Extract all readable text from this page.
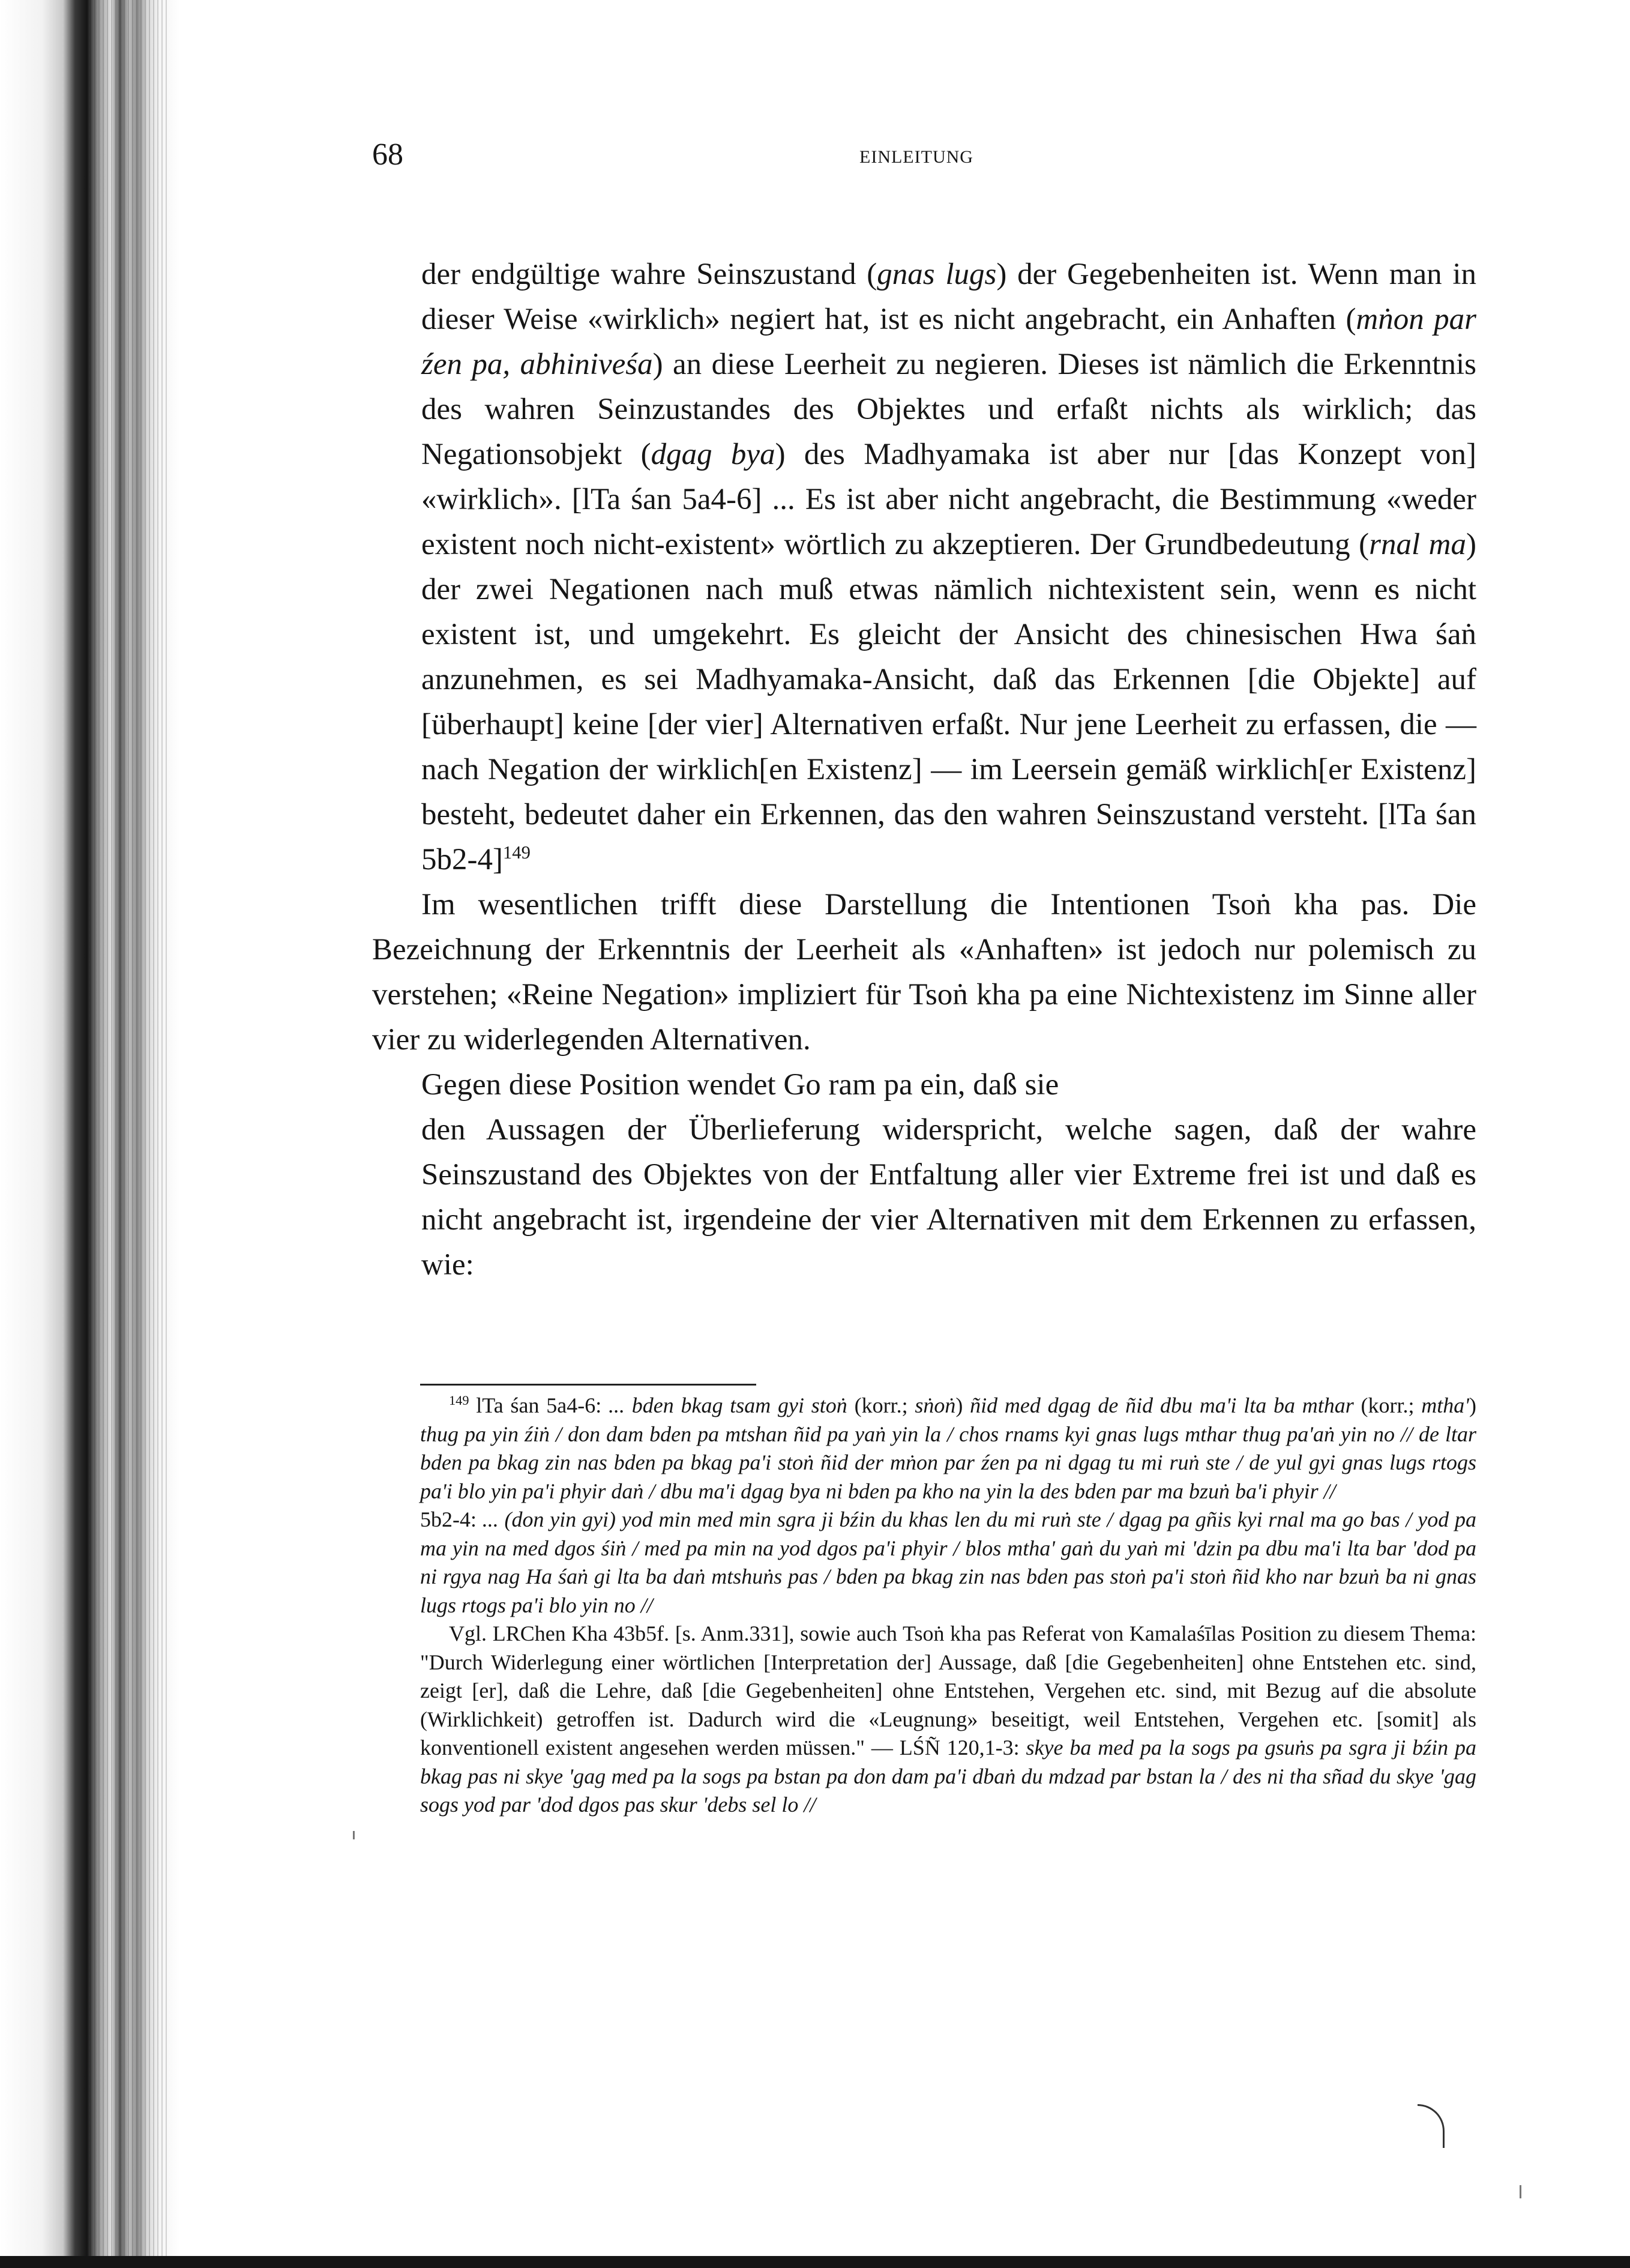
68	EINLEITUNG

der endgültige wahre Seinszustand (gnas lugs) der Gegebenheiten ist. Wenn man in dieser Weise «wirklich» negiert hat, ist es nicht angebracht, ein Anhaften (mṅon par źen pa, abhiniveśa) an diese Leerheit zu negieren. Dieses ist nämlich die Erkenntnis des wahren Seinzustandes des Objektes und erfaßt nichts als wirklich; das Negationsobjekt (dgag bya) des Madhyamaka ist aber nur [das Konzept von] «wirklich». [lTa śan 5a4-6] ... Es ist aber nicht angebracht, die Bestimmung «weder existent noch nicht-existent» wörtlich zu akzeptieren. Der Grundbedeutung (rnal ma) der zwei Negationen nach muß etwas nämlich nichtexistent sein, wenn es nicht existent ist, und umgekehrt. Es gleicht der Ansicht des chinesischen Hwa śaṅ anzunehmen, es sei Madhyamaka-Ansicht, daß das Erkennen [die Objekte] auf [überhaupt] keine [der vier] Alternativen erfaßt. Nur jene Leerheit zu erfassen, die — nach Negation der wirklich[en Existenz] — im Leersein gemäß wirklich[er Existenz] besteht, bedeutet daher ein Erkennen, das den wahren Seinszustand versteht. [lTa śan 5b2-4]$^{149}$

Im wesentlichen trifft diese Darstellung die Intentionen Tsoṅ kha pas. Die Bezeichnung der Erkenntnis der Leerheit als «Anhaften» ist jedoch nur polemisch zu verstehen; «Reine Negation» impliziert für Tsoṅ kha pa eine Nichtexistenz im Sinne aller vier zu widerlegenden Alternativen.

Gegen diese Position wendet Go ram pa ein, daß sie

den Aussagen der Überlieferung widerspricht, welche sagen, daß der wahre Seinszustand des Objektes von der Entfaltung aller vier Extreme frei ist und daß es nicht angebracht ist, irgendeine der vier Alternativen mit dem Erkennen zu erfassen, wie:

$^{149}$ lTa śan 5a4-6: ... bden bkag tsam gyi stoṅ (korr.; sṅoṅ) ñid med dgag de ñid dbu ma'i lta ba mthar (korr.; mtha') thug pa yin źiṅ / don dam bden pa mtshan ñid pa yaṅ yin la / chos rnams kyi gnas lugs mthar thug pa'aṅ yin no // de ltar bden pa bkag zin nas bden pa bkag pa'i stoṅ ñid der mṅon par źen pa ni dgag tu mi ruṅ ste / de yul gyi gnas lugs rtogs pa'i blo yin pa'i phyir daṅ / dbu ma'i dgag bya ni bden pa kho na yin la des bden par ma bzuṅ ba'i phyir //

5b2-4: ... (don yin gyi) yod min med min sgra ji bźin du khas len du mi ruṅ ste / dgag pa gñis kyi rnal ma go bas / yod pa ma yin na med dgos śiṅ / med pa min na yod dgos pa'i phyir / blos mtha' gaṅ du yaṅ mi 'dzin pa dbu ma'i lta bar 'dod pa ni rgya nag Ha śaṅ gi lta ba daṅ mtshuṅs pas / bden pa bkag zin nas bden pas stoṅ pa'i stoṅ ñid kho nar bzuṅ ba ni gnas lugs rtogs pa'i blo yin no //

Vgl. LRChen Kha 43b5f. [s. Anm.331], sowie auch Tsoṅ kha pas Referat von Kamalaśīlas Position zu diesem Thema: "Durch Widerlegung einer wörtlichen [Interpretation der] Aussage, daß [die Gegebenheiten] ohne Entstehen etc. sind, zeigt [er], daß die Lehre, daß [die Gegebenheiten] ohne Entstehen, Vergehen etc. sind, mit Bezug auf die absolute (Wirklichkeit) getroffen ist. Dadurch wird die «Leugnung» beseitigt, weil Entstehen, Vergehen etc. [somit] als konventionell existent angesehen werden müssen." — LŚÑ 120,1-3: skye ba med pa la sogs pa gsuṅs pa sgra ji bźin pa bkag pas ni skye 'gag med pa la sogs pa bstan pa don dam pa'i dbaṅ du mdzad par bstan la / des ni tha sñad du skye 'gag sogs yod par 'dod dgos pas skur 'debs sel lo //
